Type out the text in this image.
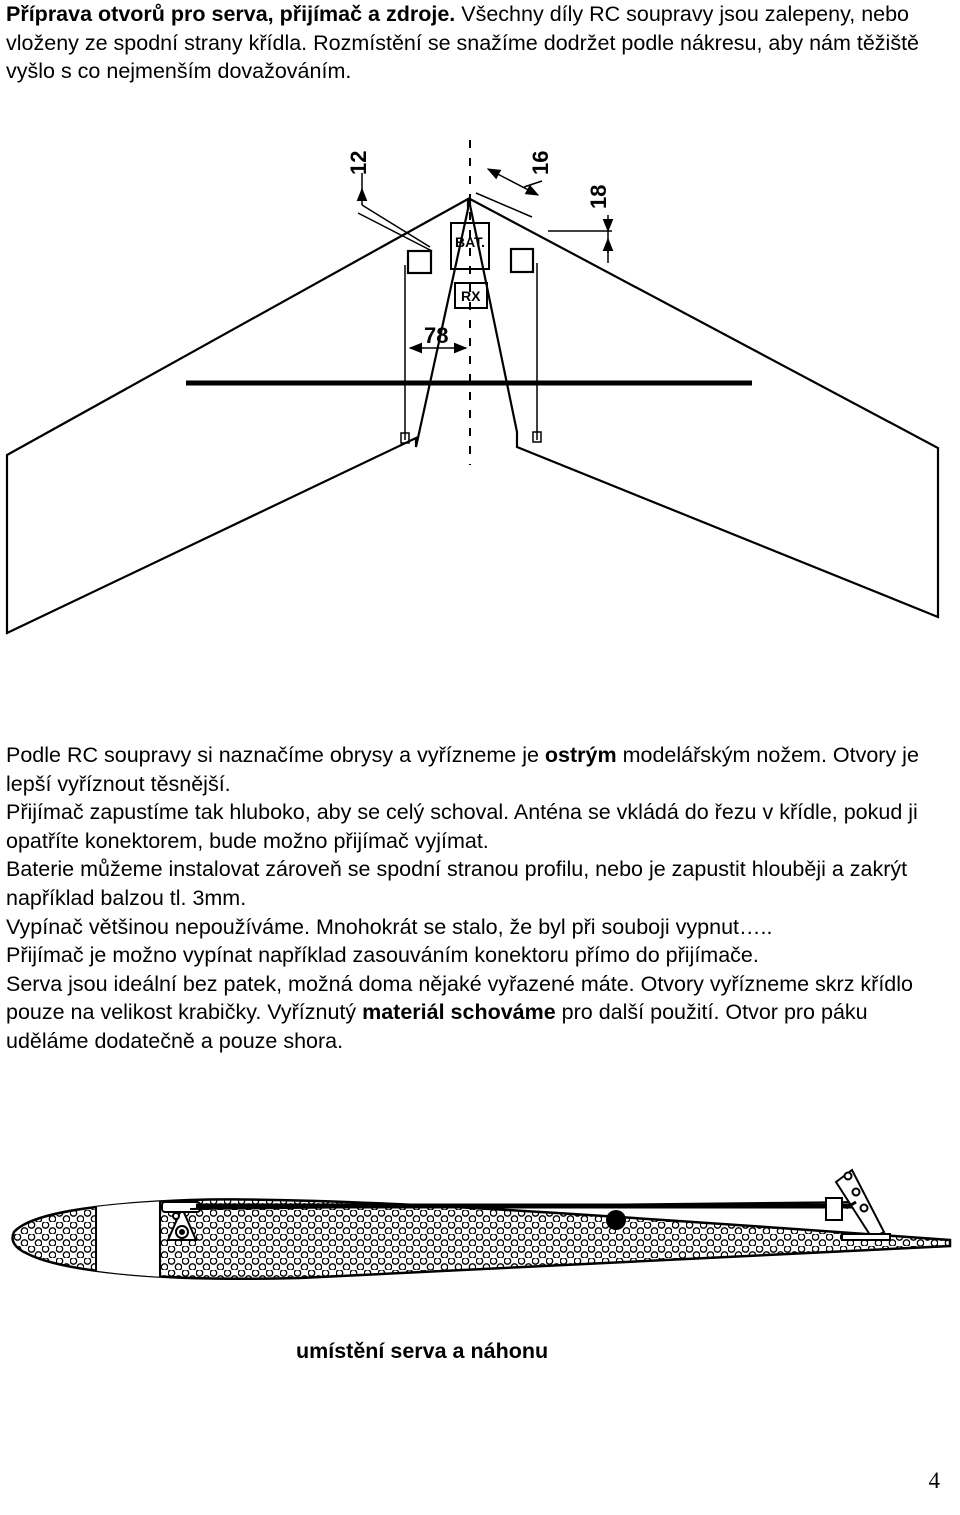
Příprava otvorů pro serva, přijímač a zdroje. Všechny díly RC soupravy jsou zalepeny, nebo vloženy ze spodní strany křídla. Rozmístění se snažíme dodržet podle nákresu, aby nám těžiště vyšlo s co nejmenším dovažováním.
12	16
18
78
BAT.
RX
Podle RC soupravy si naznačíme obrysy a vyřízneme je ostrým modelářským nožem. Otvory je lepší vyříznout těsnější.
Přijímač zapustíme tak hluboko, aby se celý schoval. Anténa se vkládá do řezu v křídle, pokud ji opatříte konektorem, bude možno přijímač vyjímat.
Baterie můžeme instalovat zároveň se spodní stranou profilu, nebo je zapustit hlouběji a zakrýt například balzou tl. 3mm.
Vypínač většinou nepoužíváme. Mnohokrát se stalo, že byl při souboji vypnut…..
Přijímač je možno vypínat například zasouváním konektoru přímo do přijímače.
Serva jsou ideální bez patek, možná doma nějaké vyřazené máte. Otvory vyřízneme skrz křídlo pouze na velikost krabičky. Vyříznutý materiál schováme pro další použití. Otvor pro páku uděláme dodatečně a pouze shora.
umístění serva a náhonu
4
